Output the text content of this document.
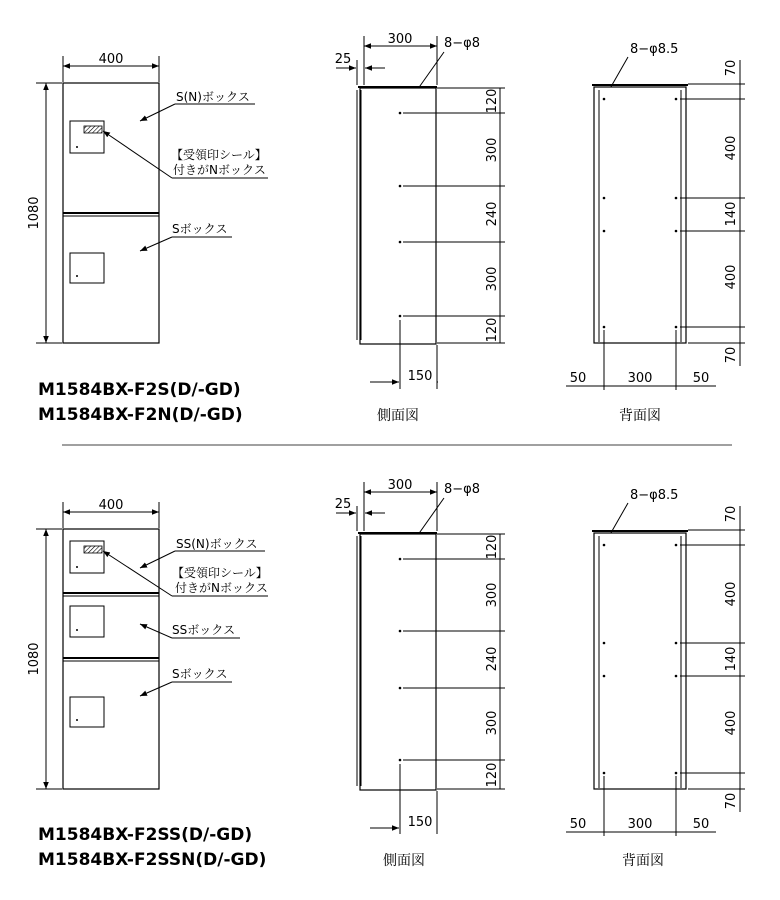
400
1080
S(N)ボックス
【受領印シール】
付きがNボックス
Sボックス
M1584BX-F2S(D/-GD)
M1584BX-F2N(D/-GD)
300
25
8−φ8
120
300
240
300
120
150
側面図
8−φ8.5
70
400
140
400
70
50	300	50
背面図
400
1080
SS(N)ボックス
【受領印シール】
付きがNボックス
SSボックス
Sボックス
M1584BX-F2SS(D/-GD)
M1584BX-F2SSN(D/-GD)
300
25
8−φ8
120
300
240
300
120
150
側面図
8−φ8.5
70
400
140
400
70
50	300	50
背面図
